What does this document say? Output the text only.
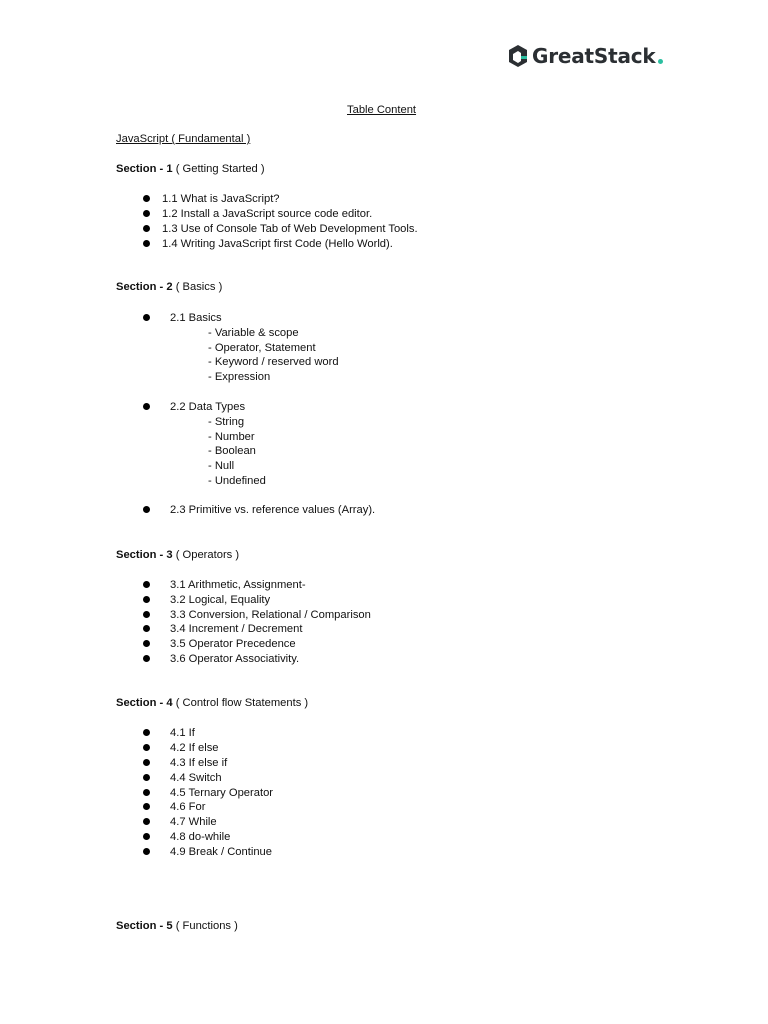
GreatStack
Table Content
JavaScript ( Fundamental )
Section - 1 ( Getting Started )
1.1 What is JavaScript?
1.2 Install a JavaScript source code editor.
1.3 Use of Console Tab of Web Development Tools.
1.4 Writing JavaScript first Code (Hello World).
Section - 2 ( Basics )
2.1 Basics
- Variable & scope
- Operator, Statement
- Keyword / reserved word
- Expression
2.2 Data Types
- String
- Number
- Boolean
- Null
- Undefined
2.3 Primitive vs. reference values (Array).
Section - 3 ( Operators )
3.1 Arithmetic, Assignment-
3.2 Logical, Equality
3.3 Conversion, Relational / Comparison
3.4 Increment / Decrement
3.5 Operator Precedence
3.6 Operator Associativity.
Section - 4 ( Control flow Statements )
4.1 If
4.2 If else
4.3 If else if
4.4 Switch
4.5 Ternary Operator
4.6 For
4.7 While
4.8 do-while
4.9 Break / Continue
Section - 5 ( Functions )
